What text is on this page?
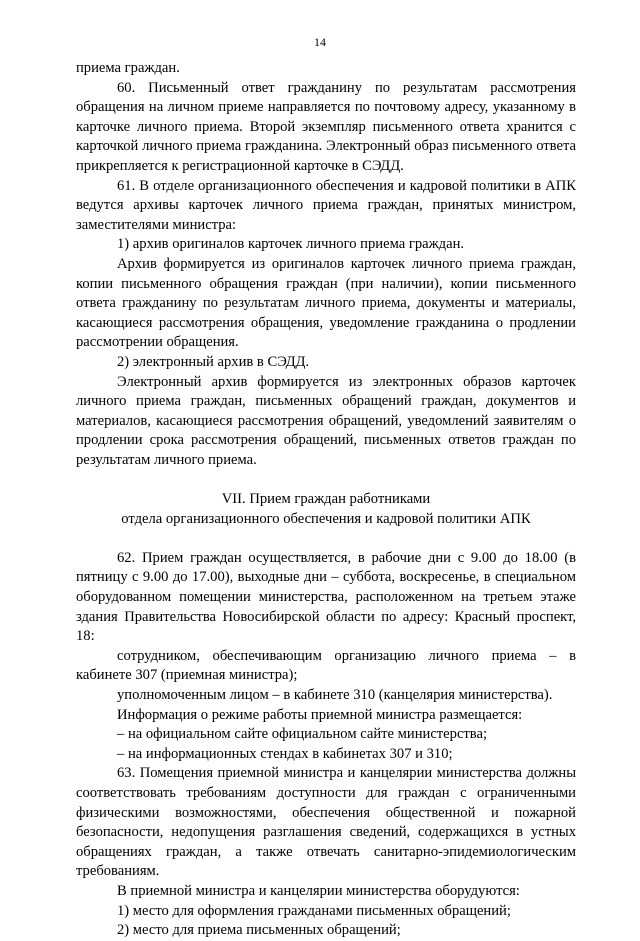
14

приема граждан.

60. Письменный ответ гражданину по результатам рассмотрения обращения на личном приеме направляется по почтовому адресу, указанному в карточке личного приема. Второй экземпляр письменного ответа хранится с карточкой личного приема гражданина. Электронный образ письменного ответа прикрепляется к регистрационной карточке в СЭДД.

61. В отделе организационного обеспечения и кадровой политики в АПК ведутся архивы карточек личного приема граждан, принятых министром, заместителями министра:

1) архив оригиналов карточек личного приема граждан.

Архив формируется из оригиналов карточек личного приема граждан, копии письменного обращения граждан (при наличии), копии письменного ответа гражданину по результатам личного приема, документы и материалы, касающиеся рассмотрения обращения, уведомление гражданина о продлении рассмотрении обращения.

2) электронный архив в СЭДД.

Электронный архив формируется из электронных образов карточек личного приема граждан, письменных обращений граждан, документов и материалов, касающиеся рассмотрения обращений, уведомлений заявителям о продлении срока рассмотрения обращений, письменных ответов граждан по результатам личного приема.

VII. Прием граждан работниками

отдела организационного обеспечения и кадровой политики АПК

62. Прием граждан осуществляется, в рабочие дни с 9.00 до 18.00 (в пятницу с 9.00 до 17.00), выходные дни – суббота, воскресенье, в специальном оборудованном помещении министерства, расположенном на третьем этаже здания Правительства Новосибирской области по адресу: Красный проспект, 18:

сотрудником, обеспечивающим организацию личного приема – в кабинете 307 (приемная министра);

уполномоченным лицом – в кабинете 310 (канцелярия министерства).

Информация о режиме работы приемной министра размещается:

– на официальном сайте официальном сайте министерства;

– на информационных стендах в кабинетах 307 и 310;

63. Помещения приемной министра и канцелярии министерства должны соответствовать требованиям доступности для граждан с ограниченными физическими возможностями, обеспечения общественной и пожарной безопасности, недопущения разглашения сведений, содержащихся в устных обращениях граждан, а также отвечать санитарно-эпидемиологическим требованиям.

В приемной министра и канцелярии министерства оборудуются:

1) место для оформления гражданами письменных обращений;

2) место для приема письменных обращений;
